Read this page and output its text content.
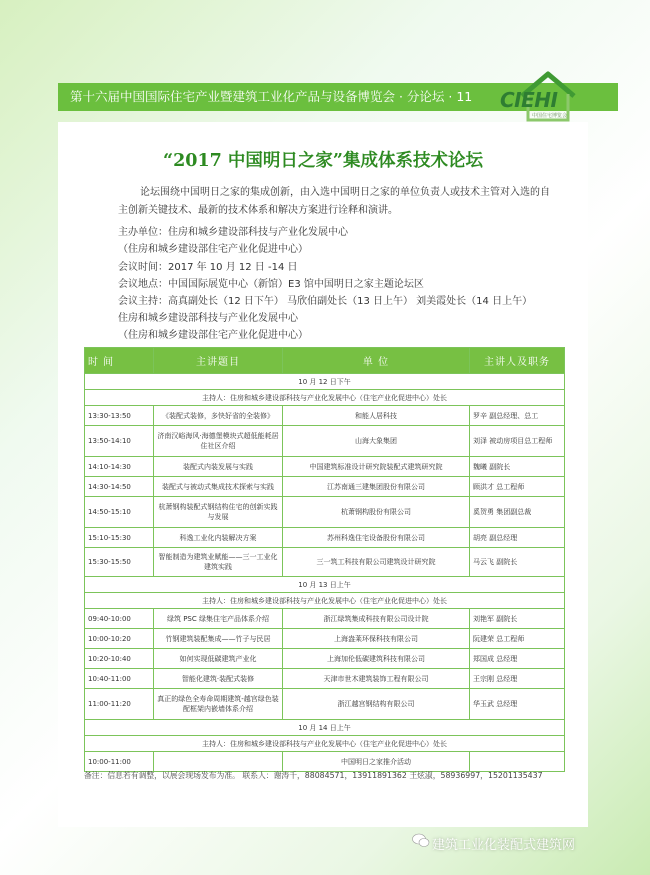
第十六届中国国际住宅产业暨建筑工业化产品与设备博览会 · 分论坛 · 11	CIEHI
中国住宅博览会
“2017 中国明日之家”集成体系技术论坛
论坛围绕中国明日之家的集成创新，由入选中国明日之家的单位负责人或技术主管对入选的自主创新关键技术、最新的技术体系和解决方案进行诠释和演讲。
主办单位：住房和城乡建设部科技与产业化发展中心
（住房和城乡建设部住宅产业化促进中心）
会议时间：2017 年 10 月 12 日 -14 日
会议地点：中国国际展览中心（新馆）E3 馆中国明日之家主题论坛区
会议主持：高真副处长（12 日下午） 马欣伯副处长（13 日上午） 刘美霞处长（14 日上午）
住房和城乡建设部科技与产业化发展中心
（住房和城乡建设部住宅产业化促进中心）
时 间	主讲题目	单 位	主讲人及职务
10 月 12 日下午			
主持人：住房和城乡建设部科技与产业化发展中心（住宅产业化促进中心）处长			
13:30-13:50	《装配式装修，多快好省的全装修》	和能人居科技	罗辛 副总经理、总工
13:50-14:10	济南汉峪海风·海德堡模块式超低能耗居住社区介绍	山海大象集团	刘泽 被动房项目总工程师
14:10-14:30	装配式内装发展与实践	中国建筑标准设计研究院装配式建筑研究院	魏曦 副院长
14:30-14:50	装配式与被动式集成技术探索与实践	江苏南通三建集团股份有限公司	顾洪才 总工程师
14:50-15:10	杭萧钢构装配式钢结构住宅的创新实践与发展	杭萧钢构股份有限公司	奚贺勇 集团副总裁
15:10-15:30	科逸工业化内装解决方案	苏州科逸住宅设备股份有限公司	胡亮 副总经理
15:30-15:50	智能制造为建筑业赋能——三一工业化建筑实践	三一筑工科技有限公司建筑设计研究院	马云飞 副院长
10 月 13 日上午			
主持人：住房和城乡建设部科技与产业化发展中心（住宅产业化促进中心）处长			
09:40-10:00	绿筑 PSC 绿集住宅产品体系介绍	浙江绿筑集成科技有限公司设计院	刘艳军 副院长
10:00-10:20	竹钢建筑装配集成——竹子与民居	上海盎莱环保科技有限公司	阮建荣 总工程师
10:20-10:40	如何实现低碳建筑产业化	上海加伦低碳建筑科技有限公司	郑国成 总经理
10:40-11:00	智能化建筑·装配式装修	天津市世木建筑装饰工程有限公司	王宗刚 总经理
11:00-11:20	真正的绿色全寿命周期建筑-越宫绿色装配框架内嵌墙体系介绍	浙江越宫钢结构有限公司	华玉武 总经理
10 月 14 日上午			
主持人：住房和城乡建设部科技与产业化发展中心（住宅产业化促进中心）处长			
10:00-11:00		中国明日之家推介活动	
备注：信息若有调整，以展会现场发布为准。 联系人：谢涛千，88084571，13911891362 王炫淑，58936997，15201135437
建筑工业化装配式建筑网
